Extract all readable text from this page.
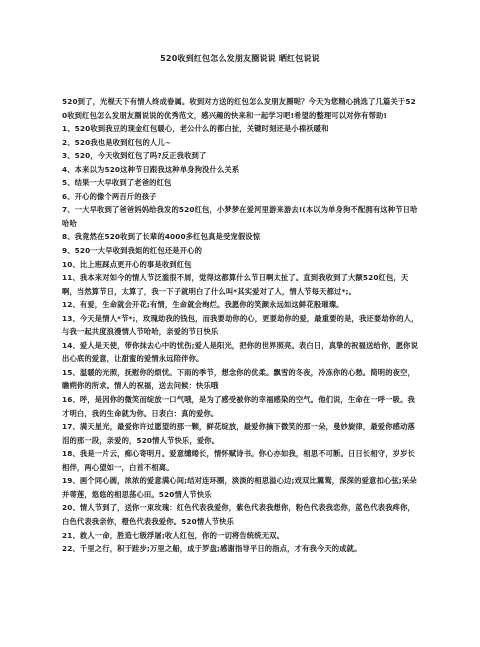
520收到红包怎么发朋友圈说说 晒红包说说

520到了，光棍天下有情人终成眷属。收到对方送的红包怎么发朋友圈呢？今天为您精心挑选了几篇关于520收到红包怎么发朋友圈说说的优秀范文，感兴趣的快来和一起学习吧!希望的整理可以对你有帮助!

1、520收到我豆的现金红包暖心，老公什么的都白扯，关键时刻还是小棉袄暖和

2、520我也是收到红包的人儿~

3、520，今天收到红包了吗?反正我收到了

4、本来以为520这种节日跟我这种单身狗没什么关系

5、结果一大早收到了老爸的红包

6、开心的像个两百斤的孩子

7、一大早收到了爸爸妈妈给我发的520红包，小梦梦在爱河里游来游去!(本以为单身狗不配拥有这种节日哈哈哈

8、我竟然在520收到了长辈的4000多红包真是受宠假设惊

9、520一大早收到我姐的红包还是开心的

10、比上班踩点更开心的事是收到红包

11、我本来对如今的情人节泛滥很不屑，觉得这都算什么节日啊太扯了。直到我收到了大额520红包，天啊，当然算节日，太算了，我一下子就明白了什么叫*其实爱对了人，情人节每天都过*;。

12、有爱，生命就会开花;有情，生命就会绚烂。我愿你的笑颜永远如这鲜花般璀璨。

13、今天是情人*节*;，玫瑰劫我的钱包，而我要劫你的心，更要劫你的爱，最重要的是，我还要劫你的人，与我一起共度浪漫情人节哈哈，亲爱的节日快乐

14、爱人是天使，带你抹去心中的忧伤;爱人是阳光，把你的世界照亮。表白日，真挚的祝福送给你，愿你说出心底的爱意，让甜蜜的爱情永远陪伴你。

15、温暖的光照，抚慰你的烦忧。下雨的季节，想念你的优柔。飘雪的冬夜，冷冻你的心愁。简明的夜空，瞻朔你的所求。情人的祝福，送去问候：快乐哦

16、呼，是因你的微笑而绽放一口气哦，是为了感受被你的幸福感染的空气。他们说，生命在一呼一吸。我才明白，我的生命就为你。日表白：真的爱你。

17、满天星光，最爱你许过愿望的那一颗，鲜花绽放，最爱你摘下微笑的那一朵，曼妙旋律，最爱你感动落泪的那一段，亲爱的，520情人节快乐，爱你。

18、我是一片云，痴心寄明月。爱意缱绻长，情怀赋诗书。你心亦如我，相思不可断。日日长相守，岁岁长相伴，两心望如一，白首不相离。

19、画个同心圆，浓浓的爱意满心间;结对连环圈，淡淡的相思溢心边;戏双比翼鸳，深深的爱意扣心弦;采朵并蒂莲，悠悠的相思荡心田。520情人节快乐

20、情人节到了，送你一束玫瑰：红色代表我爱你，紫色代表我想你，粉色代表我恋你，蓝色代表我疼你，白色代表我亲你，橙色代表我爱你。520情人节快乐

21、救人一命，胜造七级浮屠;收人红包，你的一切将告统统无双。

22、千里之行，积于跬步;万里之船，成于罗盘;感谢指导平日的指点，才有我今天的成就。
